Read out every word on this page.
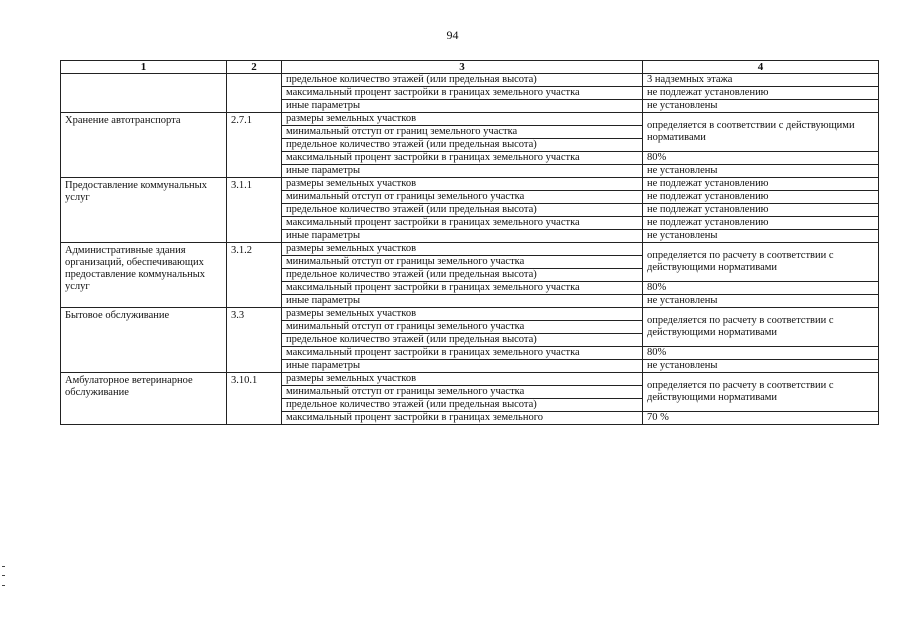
94
1	2	3	4
		предельное количество этажей (или предельная высота)	3 надземных этажа
		максимальный процент застройки в границах земельного участка	не подлежат установлению
		иные параметры	не установлены
Хранение автотранспорта	2.7.1	размеры земельных участков	определяется в соответствии с действующими нормативами
		минимальный отступ от границ земельного участка	
		предельное количество этажей (или предельная высота)	
		максимальный процент застройки в границах земельного участка	80%
		иные параметры	не установлены
Предоставление коммунальных услуг	3.1.1	размеры земельных участков	не подлежат установлению
		минимальный отступ от границы земельного участка	не подлежат установлению
		предельное количество этажей (или предельная высота)	не подлежат установлению
		максимальный процент застройки в границах земельного участка	не подлежат установлению
		иные параметры	не установлены
Административные здания организаций, обеспечивающих предоставление коммунальных услуг	3.1.2	размеры земельных участков	определяется по расчету в соответствии с действующими нормативами
		минимальный отступ от границы земельного участка	
		предельное количество этажей (или предельная высота)	
		максимальный процент застройки в границах земельного участка	80%
		иные параметры	не установлены
Бытовое обслуживание	3.3	размеры земельных участков	определяется по расчету в соответствии с действующими нормативами
		минимальный отступ от границы земельного участка	
		предельное количество этажей (или предельная высота)	
		максимальный процент застройки в границах земельного участка	80%
		иные параметры	не установлены
Амбулаторное ветеринарное обслуживание	3.10.1	размеры земельных участков	определяется по расчету в соответствии с действующими нормативами
		минимальный отступ от границы земельного участка	
		предельное количество этажей (или предельная высота)	
		максимальный процент застройки в границах земельного	70 %
